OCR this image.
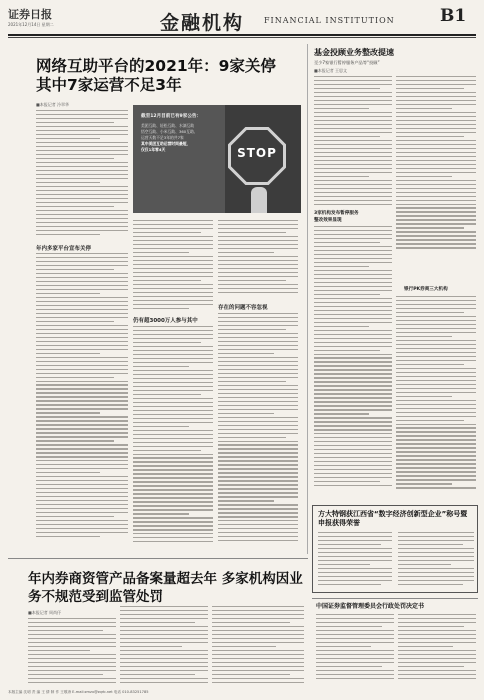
证券日报
2021年12月14日 星期二	金融机构 FINANCIAL INSTITUTION	B1
网络互助平台的2021年：9家关停 其中7家运营不足3年
■本报记者 冷翠华
年内多家平台宣布关停
截至12月目前已有9家公告：
美团互助、轻松互助、水滴互助
悟空互助、小米互助、360互助、
运营天数不足3年的共7家
其中美团互助运营时间最短，
仅仅1年零4天	STOP
仍有超3000万人参与其中
存在的问题不容忽视
年内券商资管产品备案量超去年 多家机构因业务不规范受到监管处罚
■本报记者 周尚伃
基金投顾业务整改提速
至少7家银行暂停服务产品等“投顾”
■本报记者 王思文
3家机构发布暂停服务
整改效果显现
银行PK券商三大机构
方大特钢获江西省“数字经济创新型企业”称号暨申报获得荣誉
中国证券监督管理委员会行政处罚决定书
本版主编 沈明 责 编 王 倩 制 作 王敬涛 E-mail:zmzx@zqrb.net 电话 010-83251785
